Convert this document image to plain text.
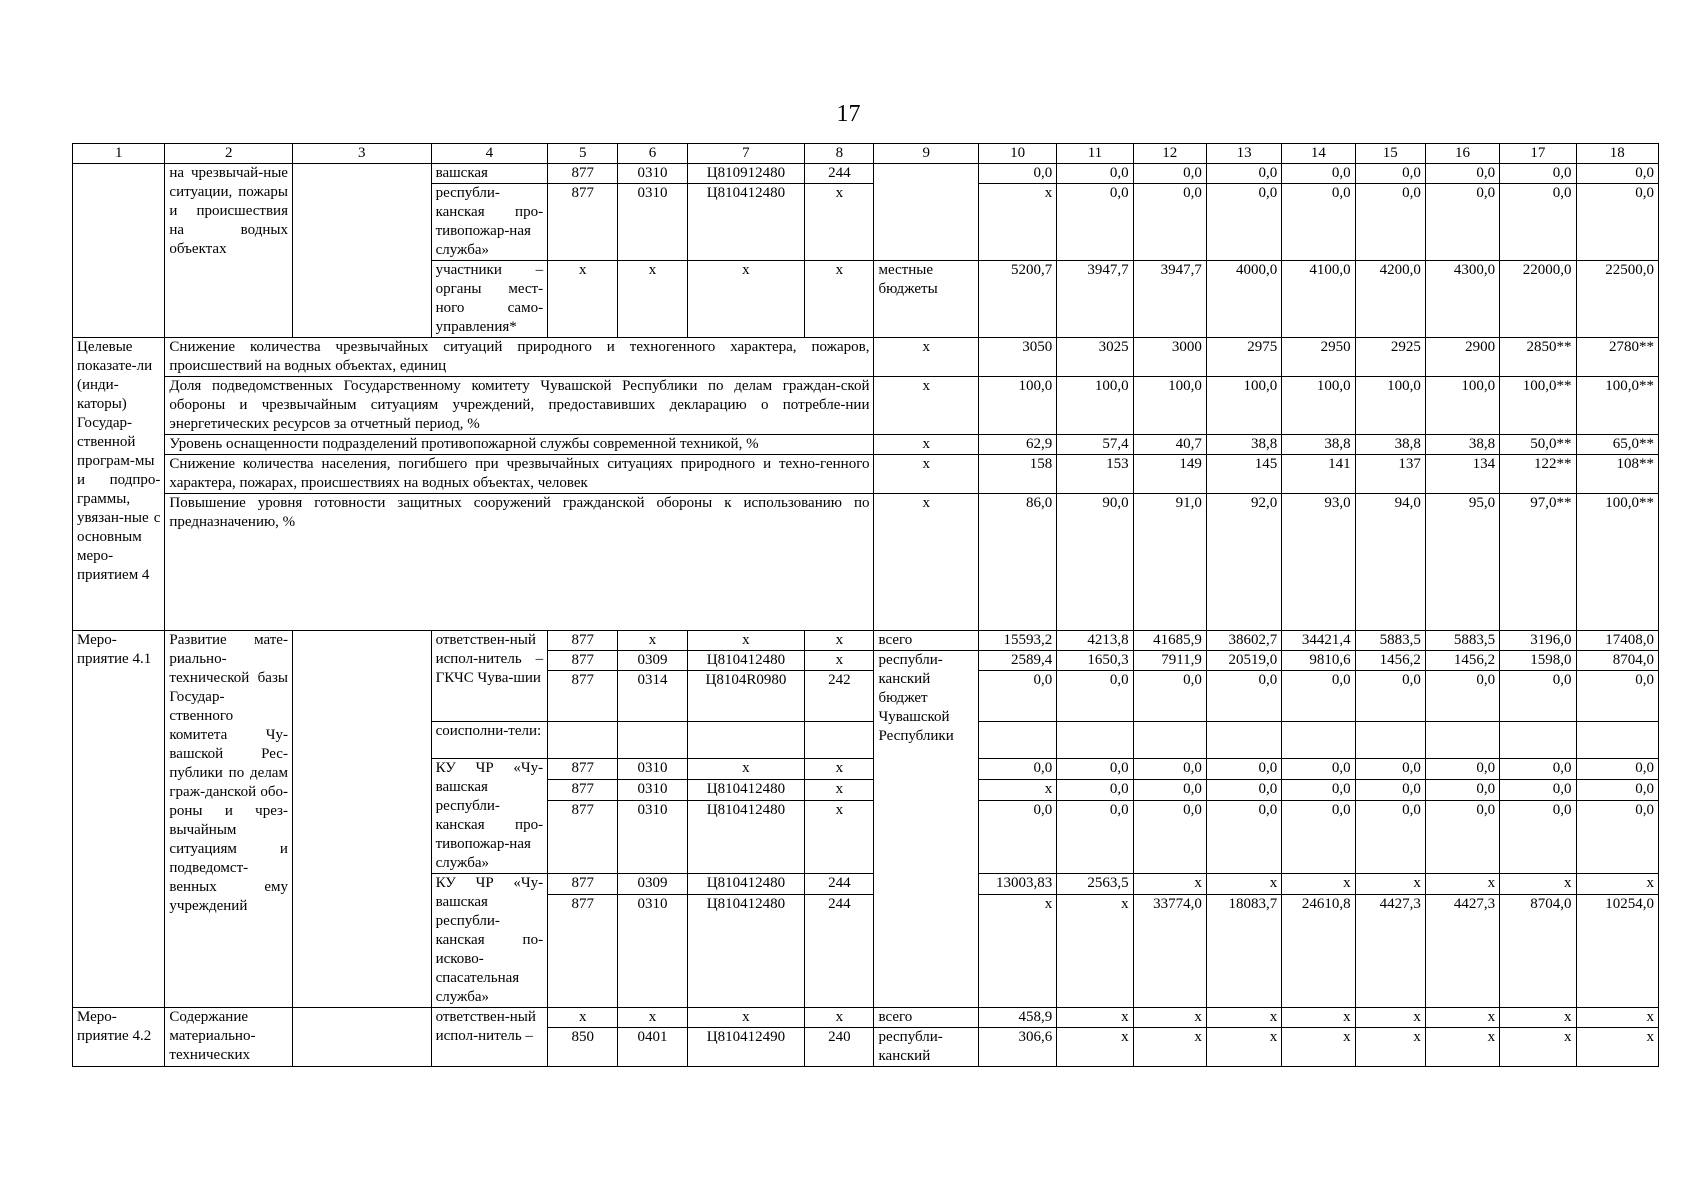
17
1	2	3	4	5	6	7	8	9	10	11	12	13	14	15	16	17	18
	на чрезвычай-ные ситуации, пожары и происшествия на водных объектах		вашская	877	0310	Ц810912480	244		0,0	0,0	0,0	0,0	0,0	0,0	0,0	0,0	0,0
			республи-канская про-тивопожар-ная служба»	877	0310	Ц810412480	x		x	0,0	0,0	0,0	0,0	0,0	0,0	0,0	0,0
			участники – органы мест-ного само-управления*	x	x	x	x	местные бюджеты	5200,7	3947,7	3947,7	4000,0	4100,0	4200,0	4300,0	22000,0	22500,0
Целевые показате-ли (инди-каторы) Государ-ственной програм-мы и подпро-граммы, увязан-ные с основным меро-приятием 4	Снижение количества чрезвычайных ситуаций природного и техногенного характера, пожаров, происшествий на водных объектах, единиц							x	3050	3025	3000	2975	2950	2925	2900	2850**	2780**
	Доля подведомственных Государственному комитету Чувашской Республики по делам граждан-ской обороны и чрезвычайным ситуациям учреждений, предоставивших декларацию о потребле-нии энергетических ресурсов за отчетный период, %							x	100,0	100,0	100,0	100,0	100,0	100,0	100,0	100,0**	100,0**
	Уровень оснащенности подразделений противопожарной службы современной техникой, %							x	62,9	57,4	40,7	38,8	38,8	38,8	38,8	50,0**	65,0**
	Снижение количества населения, погибшего при чрезвычайных ситуациях природного и техно-генного характера, пожарах, происшествиях на водных объектах, человек							x	158	153	149	145	141	137	134	122**	108**
	Повышение уровня готовности защитных сооружений гражданской обороны к использованию по предназначению, %							x	86,0	90,0	91,0	92,0	93,0	94,0	95,0	97,0**	100,0**
Меро-приятие 4.1	Развитие мате-риально-технической базы Государ-ственного комитета Чу-вашской Рес-публики по делам граж-данской обо-роны и чрез-вычайным ситуациям и подведомст-венных ему учреждений		ответствен-ный испол-нитель – ГКЧС Чува-шии	877	x	x	x	всего	15593,2	4213,8	41685,9	38602,7	34421,4	5883,5	5883,5	3196,0	17408,0
				877	0309	Ц810412480	x	республи-канский бюджет Чувашской Республики	2589,4	1650,3	7911,9	20519,0	9810,6	1456,2	1456,2	1598,0	8704,0
				877	0314	Ц8104R0980	242		0,0	0,0	0,0	0,0	0,0	0,0	0,0	0,0	0,0
			соисполни-тели:														
			КУ ЧР «Чу-вашская республи-канская про-тивопожар-ная служба»	877	0310	x	x		0,0	0,0	0,0	0,0	0,0	0,0	0,0	0,0	0,0
				877	0310	Ц810412480	x		x	0,0	0,0	0,0	0,0	0,0	0,0	0,0	0,0
				877	0310	Ц810412480	x		0,0	0,0	0,0	0,0	0,0	0,0	0,0	0,0	0,0
			КУ ЧР «Чу-вашская республи-канская по-исково-спасательная служба»	877	0309	Ц810412480	244		13003,83	2563,5	x	x	x	x	x	x	x
				877	0310	Ц810412480	244		x	x	33774,0	18083,7	24610,8	4427,3	4427,3	8704,0	10254,0

Меро-приятие 4.2	Содержание материально-технических		ответствен-ный испол-нитель –	x	x	x	x	всего	458,9	x	x	x	x	x	x	x	x
				850	0401	Ц810412490	240	республи-канский	306,6	x	x	x	x	x	x	x	x
